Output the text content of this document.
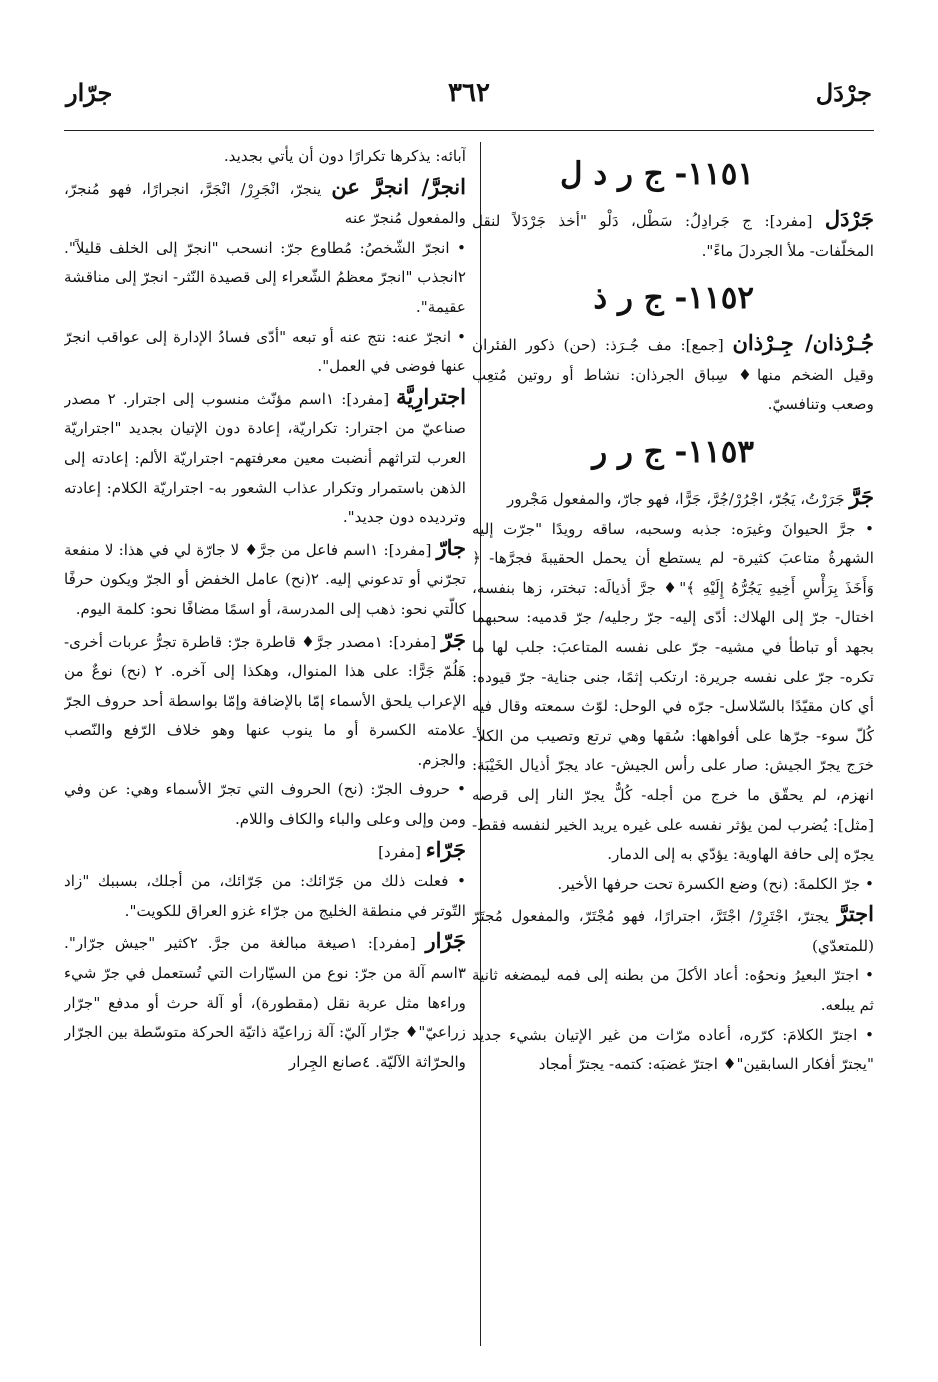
جرْدَل
٣٦٢
جرّار
١١٥١- ج ر د ل

جَرْدَل [مفرد]: ج جَرادِلُ: سَطْل، دَلْو "أخذ جَرْدَلاً لنقل المخلّفات- ملأ الجردلَ ماءً".

١١٥٢- ج ر ذ

جُـرْذان/ جِـرْذان [جمع]: مف جُـرَذ: (حن) ذكور الفئران وقيل الضخم منها♦ سِباق الجرذان: نشاط أو روتين مُتعِب وصعب وتنافسيّ.

١١٥٣- ج ر ر

جَرَّ جَرَرْتُ، يَجُرّ، اجْرُرْ/جُرَّ، جَرًّا، فهو جارّ، والمفعول مَجْرور

• جرَّ الحيوانَ وغيرَه: جذبه وسحبه، ساقه رويدًا "جرّت إليه الشهرةُ متاعبَ كثيرة- لم يستطع أن يحمل الحقيبةَ فجرَّها- ﴿ وَأَخَذَ بِرَأْسِ أَخِيهِ يَجُرُّهُ إِلَيْهِ ﴾"♦ جرَّ أذيالَه: تبختر، زها بنفسه، اختال- جرّ إلى الهلاك: أدّى إليه- جرّ رجليه/ جرّ قدميه: سحبهما بجهد أو تباطأ في مشيه- جرّ على نفسه المتاعبَ: جلب لها ما تكره- جرّ على نفسه جريرة: ارتكب إثمًا، جنى جناية- جرّ قيوده: أي كان مقيّدًا بالسّلاسل- جرّه في الوحل: لوّث سمعته وقال فيه كُلّ سوء- جرّها على أفواهها: سُقها وهي ترتع وتصيب من الكلأ- خرَج يجرّ الجيش: صار على رأس الجيش- عاد يجرّ أذيال الخَيْبَة: انهزم، لم يحقّق ما خرج من أجله- كُلٌّ يجرّ النار إلى قرصه [مثل]: يُضرب لمن يؤثر نفسه على غيره يريد الخير لنفسه فقط- يجرّه إلى حافة الهاوية: يؤدّي به إلى الدمار.

• جرّ الكلمةَ: (نح) وضع الكسرة تحت حرفها الأخير.

اجترَّ يجترّ، اجْتَرِرْ/ اجْتَرَّ، اجترارًا، فهو مُجْتَرّ، والمفعول مُجتَرّ (للمتعدّي)

• اجترّ البعيرُ ونحوُه: أعاد الأكلَ من بطنه إلى فمه ليمضغه ثانية ثم يبلعه.

• اجترّ الكلامَ: كرّره، أعاده مرّات من غير الإتيان بشيء جديد "يجترّ أفكار السابقين"♦ اجترّ غضبَه: كتمه- يجترّ أمجاد

آبائه: يذكرها تكرارًا دون أن يأتي بجديد.

انجرَّ/ انجرَّ عن ينجرّ، انْجَرِرْ/ انْجَرَّ، انجرارًا، فهو مُنجرّ، والمفعول مُنجرّ عنه

• انجرّ الشّخصُ: مُطاوع جرّ: انسحب "انجرّ إلى الخلف قليلاً". ٢انجذب "انجرّ معظمُ الشّعراء إلى قصيدة النّثر- انجرّ إلى مناقشة عقيمة".

• انجرّ عنه: نتج عنه أو تبعه "أدّى فسادُ الإدارة إلى عواقب انجرّ عنها فوضى في العمل".

اجترارِيَّة [مفرد]: ١اسم مؤنّث منسوب إلى اجترار. ٢ مصدر صناعيّ من اجترار: تكراريّة، إعادة دون الإتيان بجديد "اجتراريّة العرب لتراثهم أنضبت معين معرفتهم- اجتراريّة الألم: إعادته إلى الذهن باستمرار وتكرار عذاب الشعور به- اجتراريّة الكلام: إعادته وترديده دون جديد".

جارّ [مفرد]: ١اسم فاعل من جرَّ♦ لا جارّة لي في هذا: لا منفعة تجرّني أو تدعوني إليه. ٢(نح) عامل الخفض أو الجرّ ويكون حرفًا كالّتي نحو: ذهب إلى المدرسة، أو اسمًا مضافًا نحو: كلمة اليوم.

جَرّ [مفرد]: ١مصدر جرَّ♦ قاطرة جرّ: قاطرة تجرُّ عربات أخرى- هَلُمّ جَرًّا: على هذا المنوال، وهكذا إلى آخره. ٢ (نح) نوعٌ من الإعراب يلحق الأسماء إمّا بالإضافة وإمّا بواسطة أحد حروف الجرّ علامته الكسرة أو ما ينوب عنها وهو خلاف الرّفع والنّصب والجزم.

• حروف الجرّ: (نح) الحروف التي تجرّ الأسماء وهي: عن وفي ومن وإلى وعلى والباء والكاف واللام.

جَرّاء [مفرد]

• فعلت ذلك من جَرّائك: من جَرّائك، من أجلك، بسببك "زاد التّوتر في منطقة الخليج من جرّاء غزو العراق للكويت".

جَرّار [مفرد]: ١صيغة مبالغة من جرَّ. ٢كثير "جيش جرّار". ٣اسم آلة من جرّ: نوع من السيّارات التي تُستعمل في جرّ شيء وراءها مثل عربة نقل (مقطورة)، أو آلة حرث أو مدفع "جرّار زراعيّ"♦ جرّار آليّ: آلة زراعيّة ذاتيّة الحركة متوسّطة بين الجرّار والحرّاثة الآليّة. ٤صانع الجِرار
